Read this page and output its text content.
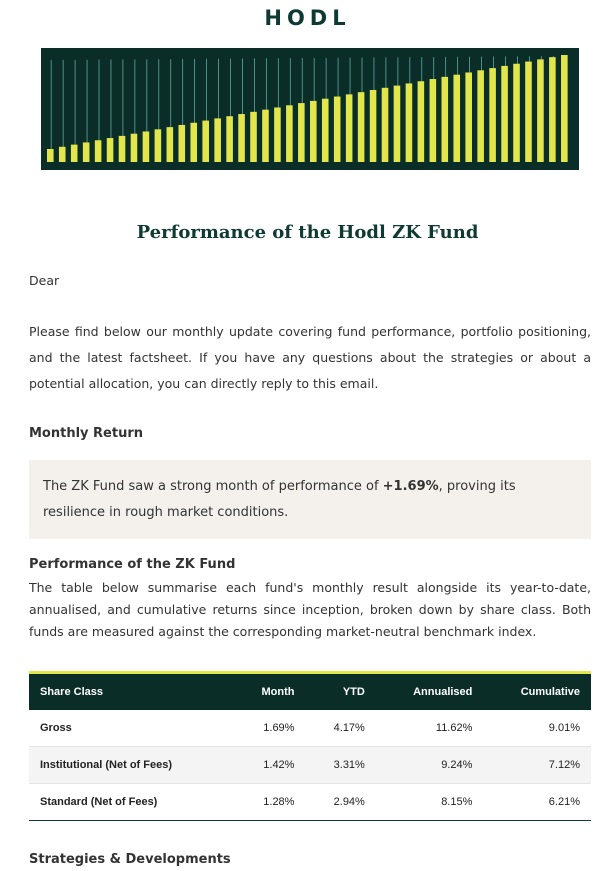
HODL
Performance of the Hodl ZK Fund
Dear
Please find below our monthly update covering fund performance, portfolio positioning, and the latest factsheet. If you have any questions about the strategies or about a potential allocation, you can directly reply to this email.
Monthly Return

The ZK Fund saw a strong month of performance of +1.69%, proving its resilience in rough market conditions.

Performance of the ZK Fund
The table below summarise each fund's monthly result alongside its year-to-date, annualised, and cumulative returns since inception, broken down by share class. Both funds are measured against the corresponding market-neutral benchmark index.
Share Class	Month	YTD	Annualised	Cumulative
Gross	1.69%	4.17%	11.62%	9.01%
Institutional (Net of Fees)	1.42%	3.31%	9.24%	7.12%
Standard (Net of Fees)	1.28%	2.94%	8.15%	6.21%
Strategies & Developments
